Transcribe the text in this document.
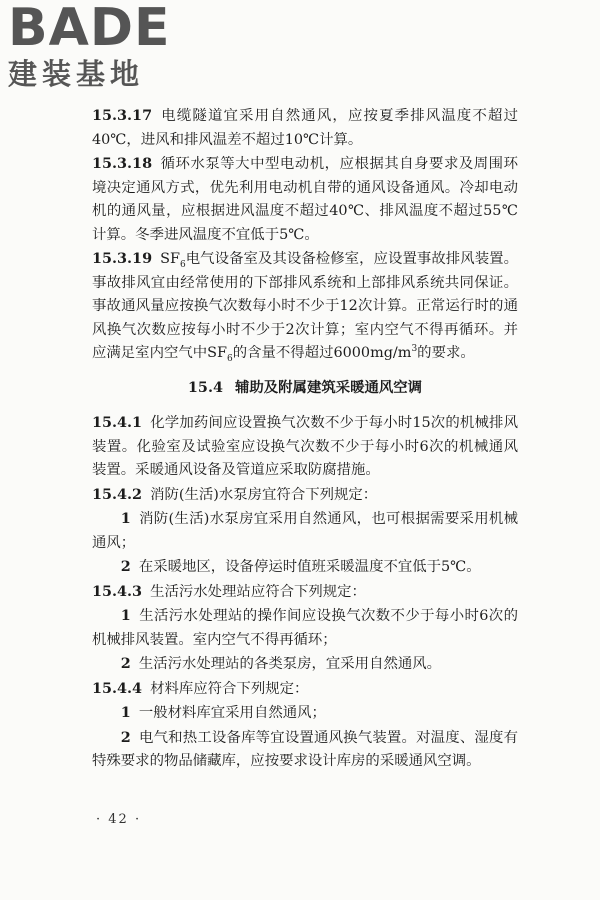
BADE
建装基地

15.3.17 电缆隧道宜采用自然通风，应按夏季排风温度不超过40℃，进风和排风温差不超过10℃计算。

15.3.18 循环水泵等大中型电动机，应根据其自身要求及周围环境决定通风方式，优先利用电动机自带的通风设备通风。冷却电动机的通风量，应根据进风温度不超过40℃、排风温度不超过55℃计算。冬季进风温度不宜低于5℃。

15.3.19 $SF_6$电气设备室及其设备检修室，应设置事故排风装置。事故排风宜由经常使用的下部排风系统和上部排风系统共同保证。事故通风量应按换气次数每小时不少于12次计算。正常运行时的通风换气次数应按每小时不少于2次计算；室内空气不得再循环。并应满足室内空气中$SF_6$的含量不得超过$6000mg/m^3$的要求。

15.4 辅助及附属建筑采暖通风空调

15.4.1 化学加药间应设置换气次数不少于每小时15次的机械排风装置。化验室及试验室应设换气次数不少于每小时6次的机械通风装置。采暖通风设备及管道应采取防腐措施。

15.4.2 消防(生活)水泵房宜符合下列规定：

1 消防(生活)水泵房宜采用自然通风，也可根据需要采用机械通风；

2 在采暖地区，设备停运时值班采暖温度不宜低于5℃。

15.4.3 生活污水处理站应符合下列规定：

1 生活污水处理站的操作间应设换气次数不少于每小时6次的机械排风装置。室内空气不得再循环；

2 生活污水处理站的各类泵房，宜采用自然通风。

15.4.4 材料库应符合下列规定：

1 一般材料库宜采用自然通风；

2 电气和热工设备库等宜设置通风换气装置。对温度、湿度有特殊要求的物品储藏库，应按要求设计库房的采暖通风空调。

· 42 ·
